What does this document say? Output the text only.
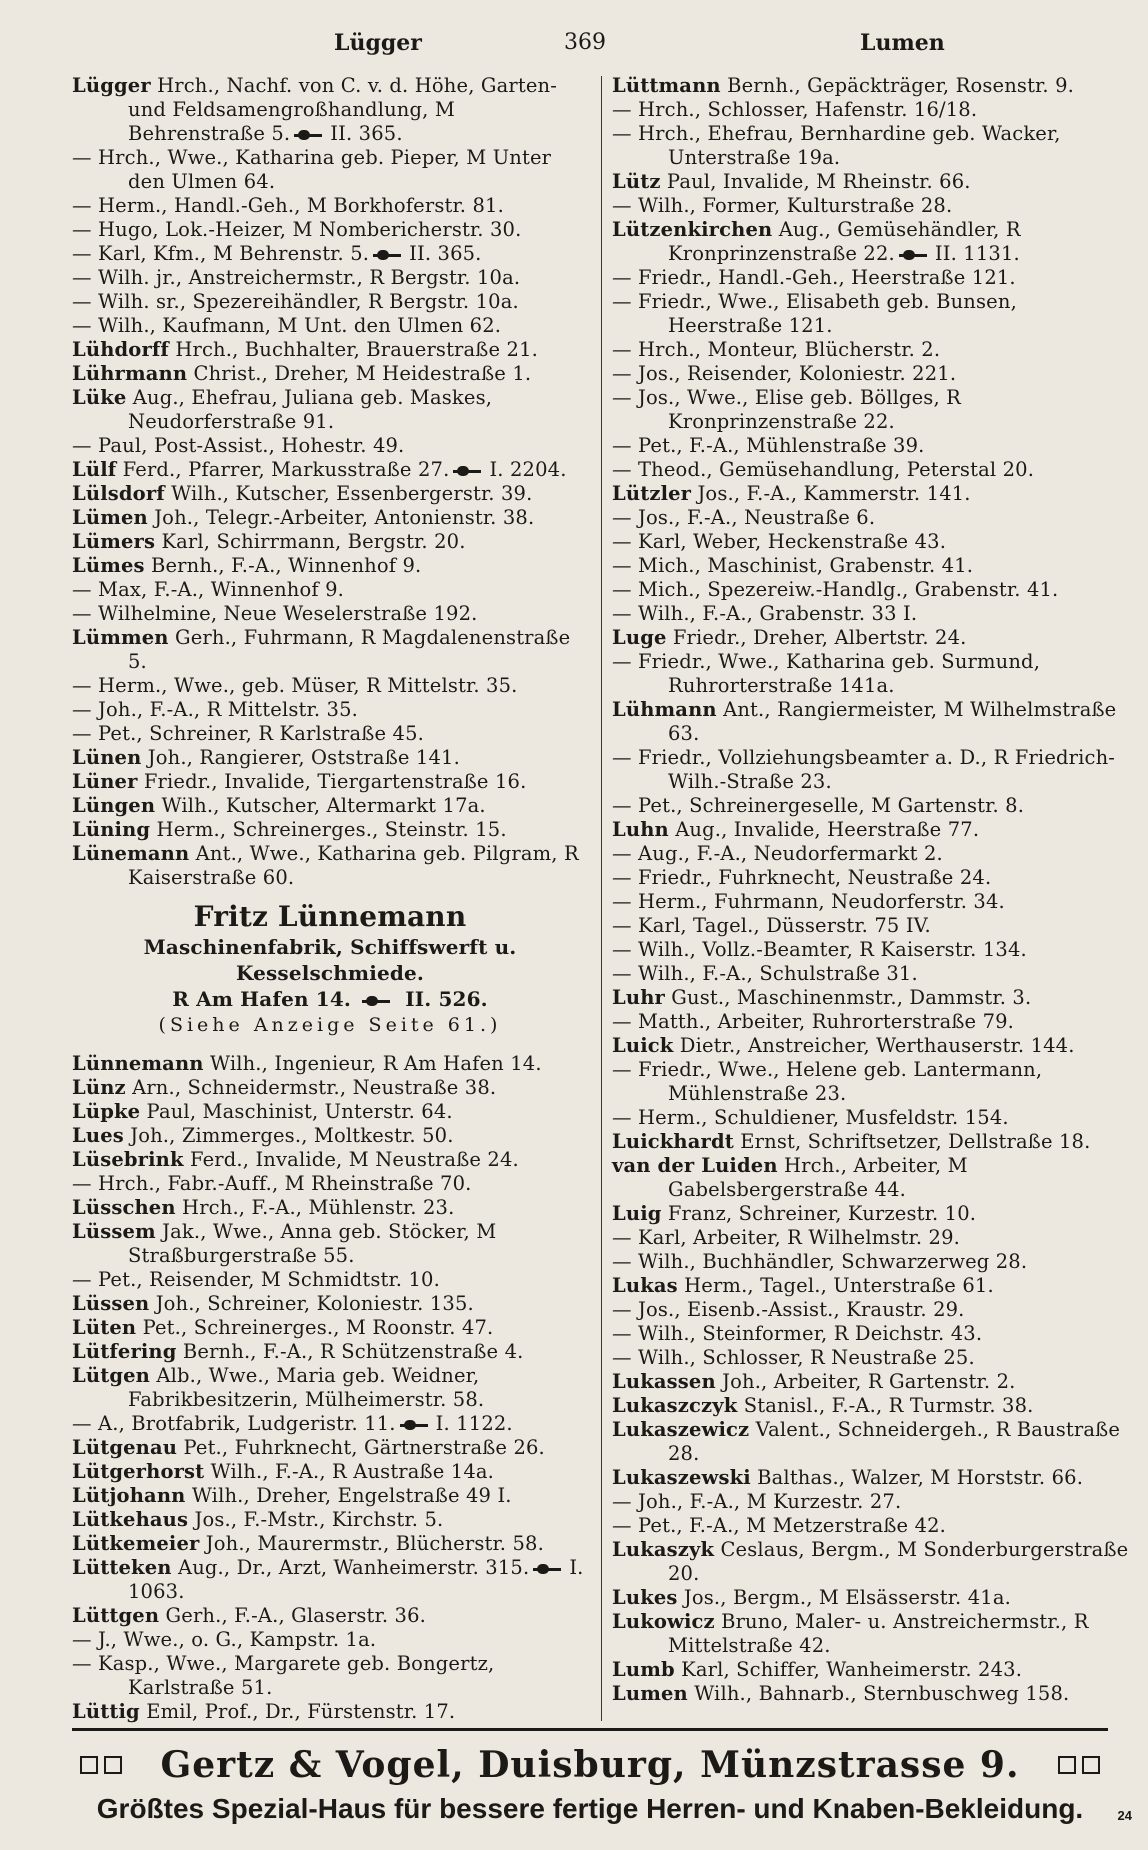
Lügger	369	Lumen

Lügger Hrch., Nachf. von C. v. d. Höhe, Garten- und Feldsamengroßhandlung, M Behrenstraße 5. II. 365.

— Hrch., Wwe., Katharina geb. Pieper, M Unter den Ulmen 64.

— Herm., Handl.-Geh., M Borkhoferstr. 81.

— Hugo, Lok.-Heizer, M Nombericherstr. 30.

— Karl, Kfm., M Behrenstr. 5. II. 365.

— Wilh. jr., Anstreichermstr., R Bergstr. 10a.

— Wilh. sr., Spezereihändler, R Bergstr. 10a.

— Wilh., Kaufmann, M Unt. den Ulmen 62.

Lühdorff Hrch., Buchhalter, Brauerstraße 21.

Lührmann Christ., Dreher, M Heidestraße 1.

Lüke Aug., Ehefrau, Juliana geb. Maskes, Neudorferstraße 91.

— Paul, Post-Assist., Hohestr. 49.

Lülf Ferd., Pfarrer, Markusstraße 27. I. 2204.

Lülsdorf Wilh., Kutscher, Essenbergerstr. 39.

Lümen Joh., Telegr.-Arbeiter, Antonienstr. 38.

Lümers Karl, Schirrmann, Bergstr. 20.

Lümes Bernh., F.-A., Winnenhof 9.

— Max, F.-A., Winnenhof 9.

— Wilhelmine, Neue Weselerstraße 192.

Lümmen Gerh., Fuhrmann, R Magdalenenstraße 5.

— Herm., Wwe., geb. Müser, R Mittelstr. 35.

— Joh., F.-A., R Mittelstr. 35.

— Pet., Schreiner, R Karlstraße 45.

Lünen Joh., Rangierer, Oststraße 141.

Lüner Friedr., Invalide, Tiergartenstraße 16.

Lüngen Wilh., Kutscher, Altermarkt 17a.

Lüning Herm., Schreinerges., Steinstr. 15.

Lünemann Ant., Wwe., Katharina geb. Pilgram, R Kaiserstraße 60.

Fritz Lünnemann
Maschinenfabrik, Schiffswerft u. Kesselschmiede.
R Am Hafen 14.	II. 526.
(Siehe Anzeige Seite 61.)

Lünnemann Wilh., Ingenieur, R Am Hafen 14.

Lünz Arn., Schneidermstr., Neustraße 38.

Lüpke Paul, Maschinist, Unterstr. 64.

Lues Joh., Zimmerges., Moltkestr. 50.

Lüsebrink Ferd., Invalide, M Neustraße 24.

— Hrch., Fabr.-Auff., M Rheinstraße 70.

Lüsschen Hrch., F.-A., Mühlenstr. 23.

Lüssem Jak., Wwe., Anna geb. Stöcker, M Straßburgerstraße 55.

— Pet., Reisender, M Schmidtstr. 10.

Lüssen Joh., Schreiner, Koloniestr. 135.

Lüten Pet., Schreinerges., M Roonstr. 47.

Lütfering Bernh., F.-A., R Schützenstraße 4.

Lütgen Alb., Wwe., Maria geb. Weidner, Fabrikbesitzerin, Mülheimerstr. 58.

— A., Brotfabrik, Ludgeristr. 11. I. 1122.

Lütgenau Pet., Fuhrknecht, Gärtnerstraße 26.

Lütgerhorst Wilh., F.-A., R Austraße 14a.

Lütjohann Wilh., Dreher, Engelstraße 49 I.

Lütkehaus Jos., F.-Mstr., Kirchstr. 5.

Lütkemeier Joh., Maurermstr., Blücherstr. 58.

Lütteken Aug., Dr., Arzt, Wanheimerstr. 315. I. 1063.

Lüttgen Gerh., F.-A., Glaserstr. 36.

— J., Wwe., o. G., Kampstr. 1a.

— Kasp., Wwe., Margarete geb. Bongertz, Karlstraße 51.

Lüttig Emil, Prof., Dr., Fürstenstr. 17.

Lüttmann Bernh., Gepäckträger, Rosenstr. 9.

— Hrch., Schlosser, Hafenstr. 16/18.

— Hrch., Ehefrau, Bernhardine geb. Wacker, Unterstraße 19a.

Lütz Paul, Invalide, M Rheinstr. 66.

— Wilh., Former, Kulturstraße 28.

Lützenkirchen Aug., Gemüsehändler, R Kronprinzenstraße 22. II. 1131.

— Friedr., Handl.-Geh., Heerstraße 121.

— Friedr., Wwe., Elisabeth geb. Bunsen, Heerstraße 121.

— Hrch., Monteur, Blücherstr. 2.

— Jos., Reisender, Koloniestr. 221.

— Jos., Wwe., Elise geb. Böllges, R Kronprinzenstraße 22.

— Pet., F.-A., Mühlenstraße 39.

— Theod., Gemüsehandlung, Peterstal 20.

Lützler Jos., F.-A., Kammerstr. 141.

— Jos., F.-A., Neustraße 6.

— Karl, Weber, Heckenstraße 43.

— Mich., Maschinist, Grabenstr. 41.

— Mich., Spezereiw.-Handlg., Grabenstr. 41.

— Wilh., F.-A., Grabenstr. 33 I.

Luge Friedr., Dreher, Albertstr. 24.

— Friedr., Wwe., Katharina geb. Surmund, Ruhrorterstraße 141a.

Lühmann Ant., Rangiermeister, M Wilhelmstraße 63.

— Friedr., Vollziehungsbeamter a. D., R Friedrich-Wilh.-Straße 23.

— Pet., Schreinergeselle, M Gartenstr. 8.

Luhn Aug., Invalide, Heerstraße 77.

— Aug., F.-A., Neudorfermarkt 2.

— Friedr., Fuhrknecht, Neustraße 24.

— Herm., Fuhrmann, Neudorferstr. 34.

— Karl, Tagel., Düsserstr. 75 IV.

— Wilh., Vollz.-Beamter, R Kaiserstr. 134.

— Wilh., F.-A., Schulstraße 31.

Luhr Gust., Maschinenmstr., Dammstr. 3.

— Matth., Arbeiter, Ruhrorterstraße 79.

Luick Dietr., Anstreicher, Werthauserstr. 144.

— Friedr., Wwe., Helene geb. Lantermann, Mühlenstraße 23.

— Herm., Schuldiener, Musfeldstr. 154.

Luickhardt Ernst, Schriftsetzer, Dellstraße 18.

van der Luiden Hrch., Arbeiter, M Gabelsbergerstraße 44.

Luig Franz, Schreiner, Kurzestr. 10.

— Karl, Arbeiter, R Wilhelmstr. 29.

— Wilh., Buchhändler, Schwarzerweg 28.

Lukas Herm., Tagel., Unterstraße 61.

— Jos., Eisenb.-Assist., Kraustr. 29.

— Wilh., Steinformer, R Deichstr. 43.

— Wilh., Schlosser, R Neustraße 25.

Lukassen Joh., Arbeiter, R Gartenstr. 2.

Lukaszczyk Stanisl., F.-A., R Turmstr. 38.

Lukaszewicz Valent., Schneidergeh., R Baustraße 28.

Lukaszewski Balthas., Walzer, M Horststr. 66.

— Joh., F.-A., M Kurzestr. 27.

— Pet., F.-A., M Metzerstraße 42.

Lukaszyk Ceslaus, Bergm., M Sonderburgerstraße 20.

Lukes Jos., Bergm., M Elsässerstr. 41a.

Lukowicz Bruno, Maler- u. Anstreichermstr., R Mittelstraße 42.

Lumb Karl, Schiffer, Wanheimerstr. 243.

Lumen Wilh., Bahnarb., Sternbuschweg 158.

Gertz & Vogel, Duisburg, Münzstrasse 9.
Größtes Spezial-Haus für bessere fertige Herren- und Knaben-Bekleidung.	24
